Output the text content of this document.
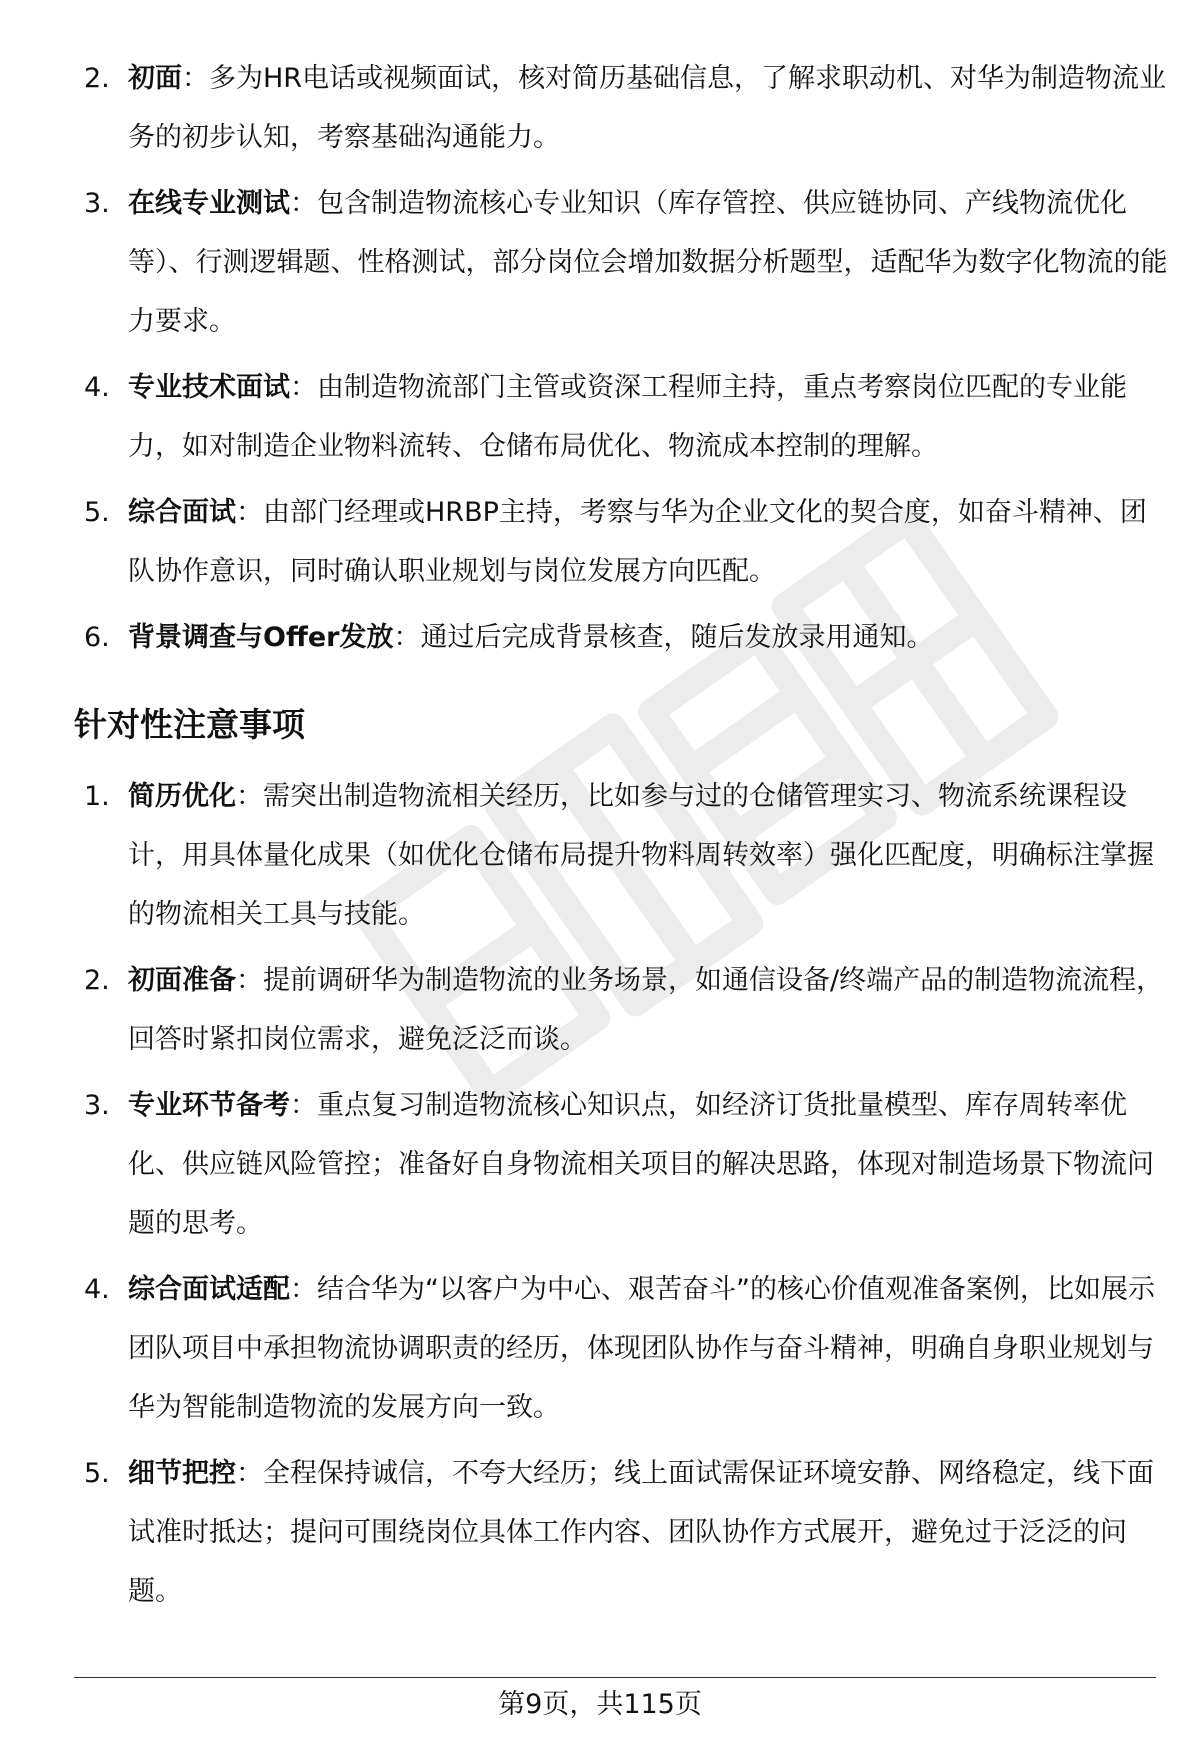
2. 初面：多为HR电话或视频面试，核对简历基础信息，了解求职动机、对华为制造物流业务的初步认知，考察基础沟通能力。
3. 在线专业测试：包含制造物流核心专业知识（库存管控、供应链协同、产线物流优化等）、行测逻辑题、性格测试，部分岗位会增加数据分析题型，适配华为数字化物流的能力要求。
4. 专业技术面试：由制造物流部门主管或资深工程师主持，重点考察岗位匹配的专业能力，如对制造企业物料流转、仓储布局优化、物流成本控制的理解。
5. 综合面试：由部门经理或HRBP主持，考察与华为企业文化的契合度，如奋斗精神、团队协作意识，同时确认职业规划与岗位发展方向匹配。
6. 背景调查与Offer发放：通过后完成背景核查，随后发放录用通知。
针对性注意事项
1. 简历优化：需突出制造物流相关经历，比如参与过的仓储管理实习、物流系统课程设计，用具体量化成果（如优化仓储布局提升物料周转效率）强化匹配度，明确标注掌握的物流相关工具与技能。
2. 初面准备：提前调研华为制造物流的业务场景，如通信设备/终端产品的制造物流流程，回答时紧扣岗位需求，避免泛泛而谈。
3. 专业环节备考：重点复习制造物流核心知识点，如经济订货批量模型、库存周转率优化、供应链风险管控；准备好自身物流相关项目的解决思路，体现对制造场景下物流问题的思考。
4. 综合面试适配：结合华为“以客户为中心、艰苦奋斗”的核心价值观准备案例，比如展示团队项目中承担物流协调职责的经历，体现团队协作与奋斗精神，明确自身职业规划与华为智能制造物流的发展方向一致。
5. 细节把控：全程保持诚信，不夸大经历；线上面试需保证环境安静、网络稳定，线下面试准时抵达；提问可围绕岗位具体工作内容、团队协作方式展开，避免过于泛泛的问题。
第9页，共115页
